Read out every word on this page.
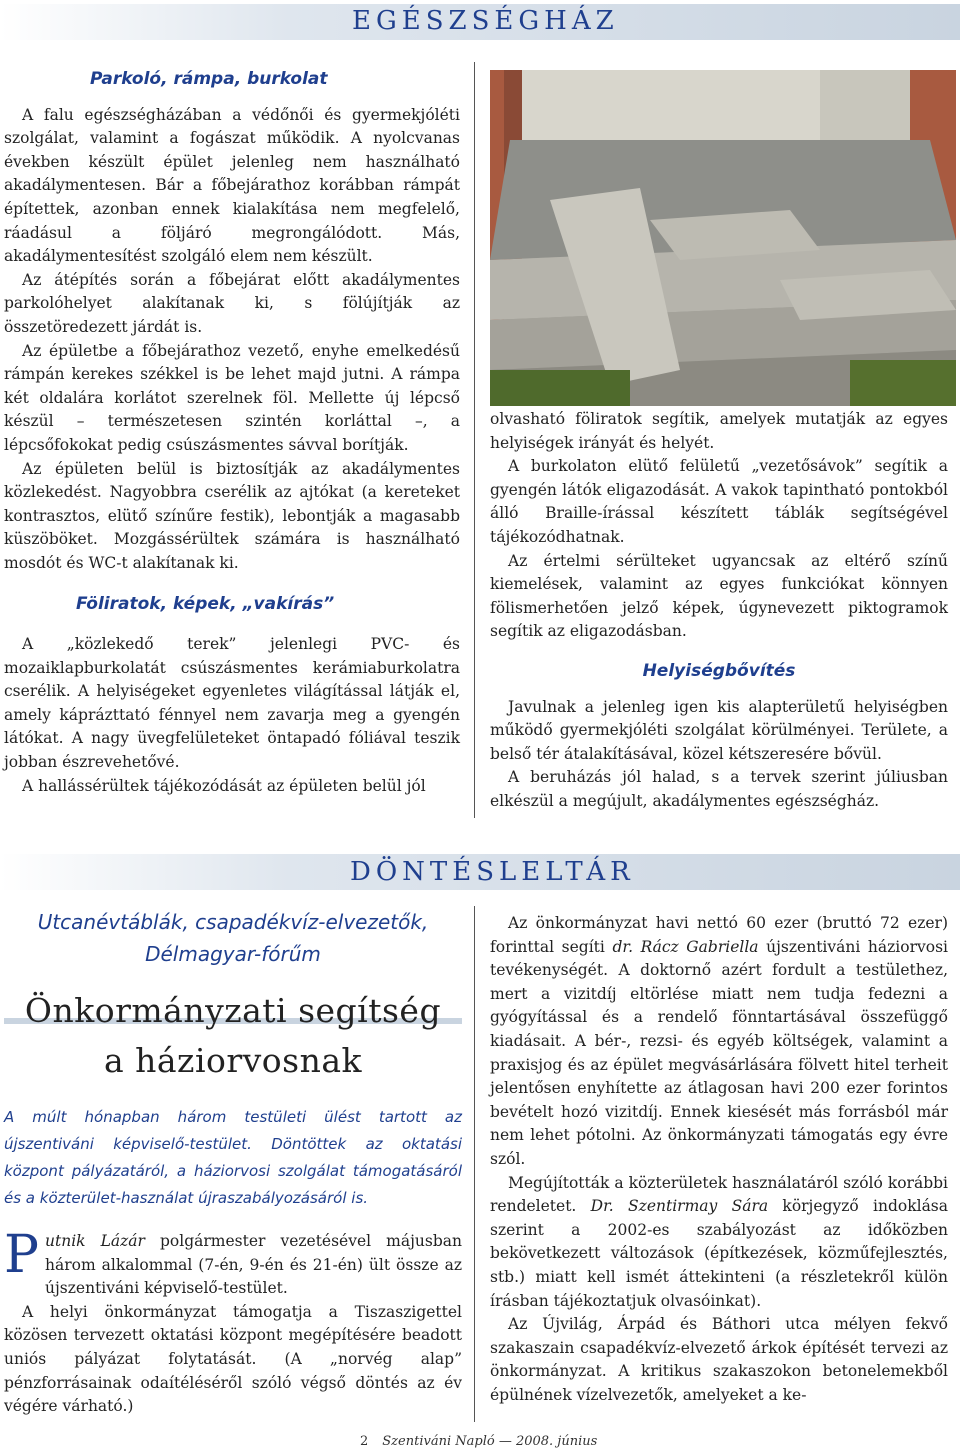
EGÉSZSÉGHÁZ
Parkoló, rámpa, burkolat

A falu egészségházában a védőnői és gyermekjóléti szolgálat, valamint a fogászat működik. A nyolcvanas években készült épület jelenleg nem használható akadálymentesen. Bár a főbejárathoz korábban rámpát építettek, azonban ennek kialakítása nem megfelelő, ráadásul a följáró megrongálódott. Más, akadálymentesítést szolgáló elem nem készült.

Az átépítés során a főbejárat előtt akadálymentes parkolóhelyet alakítanak ki, s fölújítják az összetöredezett járdát is.

Az épületbe a főbejárathoz vezető, enyhe emelkedésű rámpán kerekes székkel is be lehet majd jutni. A rámpa két oldalára korlátot szerelnek föl. Mellette új lépcső készül – természetesen szintén korláttal –, a lépcsőfokokat pedig csúszásmentes sávval borítják.

Az épületen belül is biztosítják az akadálymentes közlekedést. Nagyobbra cserélik az ajtókat (a kereteket kontrasztos, elütő színűre festik), lebontják a magasabb küszöböket. Mozgássérültek számára is használható mosdót és WC-t alakítanak ki.

Föliratok, képek, „vakírás”

A „közlekedő terek” jelenlegi PVC- és mozaiklapburkolatát csúszásmentes kerámiaburkolatra cserélik. A helyiségeket egyenletes világítással látják el, amely káprázttató fénnyel nem zavarja meg a gyengén látókat. A nagy üvegfelületeket öntapadó fóliával teszik jobban észrevehetővé.

A hallássérültek tájékozódását az épületen belül jól

olvasható föliratok segítik, amelyek mutatják az egyes helyiségek irányát és helyét.

A burkolaton elütő felületű „vezetősávok” segítik a gyengén látók eligazodását. A vakok tapintható pontokból álló Braille-írással készített táblák segítségével tájékozódhatnak.

Az értelmi sérülteket ugyancsak az eltérő színű kiemelések, valamint az egyes funkciókat könnyen fölismerhetően jelző képek, úgynevezett piktogramok segítik az eligazodásban.

Helyiségbővítés

Javulnak a jelenleg igen kis alapterületű helyiségben működő gyermekjóléti szolgálat körülményei. Területe, a belső tér átalakításával, közel kétszeresére bővül.

A beruházás jól halad, s a tervek szerint júliusban elkészül a megújult, akadálymentes egészségház.

DÖNTÉSLELTÁR
Utcanévtáblák, csapadékvíz-elvezetők, Délmagyar-fórűm
Önkormányzati segítség
a háziorvosnak
A múlt hónapban három testületi ülést tartott az újszentiváni képviselő-testület. Döntöttek az oktatási központ pályázatáról, a háziorvosi szolgálat támogatásáról és a közterület-használat újraszabályozásáról is.

Putnik Lázár polgármester vezetésével májusban három alkalommal (7-én, 9-én és 21-én) ült össze az újszentiváni képviselő-testület.

A helyi önkormányzat támogatja a Tiszaszigettel közösen tervezett oktatási központ megépítésére beadott uniós pályázat folytatását. (A „norvég alap” pénzforrásainak odaítéléséről szóló végső döntés az év végére várható.)

Az önkormányzat havi nettó 60 ezer (bruttó 72 ezer) forinttal segíti dr. Rácz Gabriella újszentiváni háziorvosi tevékenységét. A doktornő azért fordult a testülethez, mert a vizitdíj eltörlése miatt nem tudja fedezni a gyógyítással és a rendelő fönntartásával összefüggő kiadásait. A bér-, rezsi- és egyéb költségek, valamint a praxisjog és az épület megvásárlására fölvett hitel terheit jelentősen enyhítette az átlagosan havi 200 ezer forintos bevételt hozó vizitdíj. Ennek kiesését más forrásból már nem lehet pótolni. Az önkormányzati támogatás egy évre szól.

Megújították a közterületek használatáról szóló korábbi rendeletet. Dr. Szentirmay Sára körjegyző indoklása szerint a 2002-es szabályozást az időközben bekövetkezett változások (építkezések, közműfejlesztés, stb.) miatt kell ismét áttekinteni (a részletekről külön írásban tájékoztatjuk olvasóinkat).

Az Újvilág, Árpád és Báthori utca mélyen fekvő szakaszain csapadékvíz-elvezető árkok építését tervezi az önkormányzat. A kritikus szakaszokon betonelemekből épülnének vízelvezetők, amelyeket a ke-

2 Szentiváni Napló — 2008. június
